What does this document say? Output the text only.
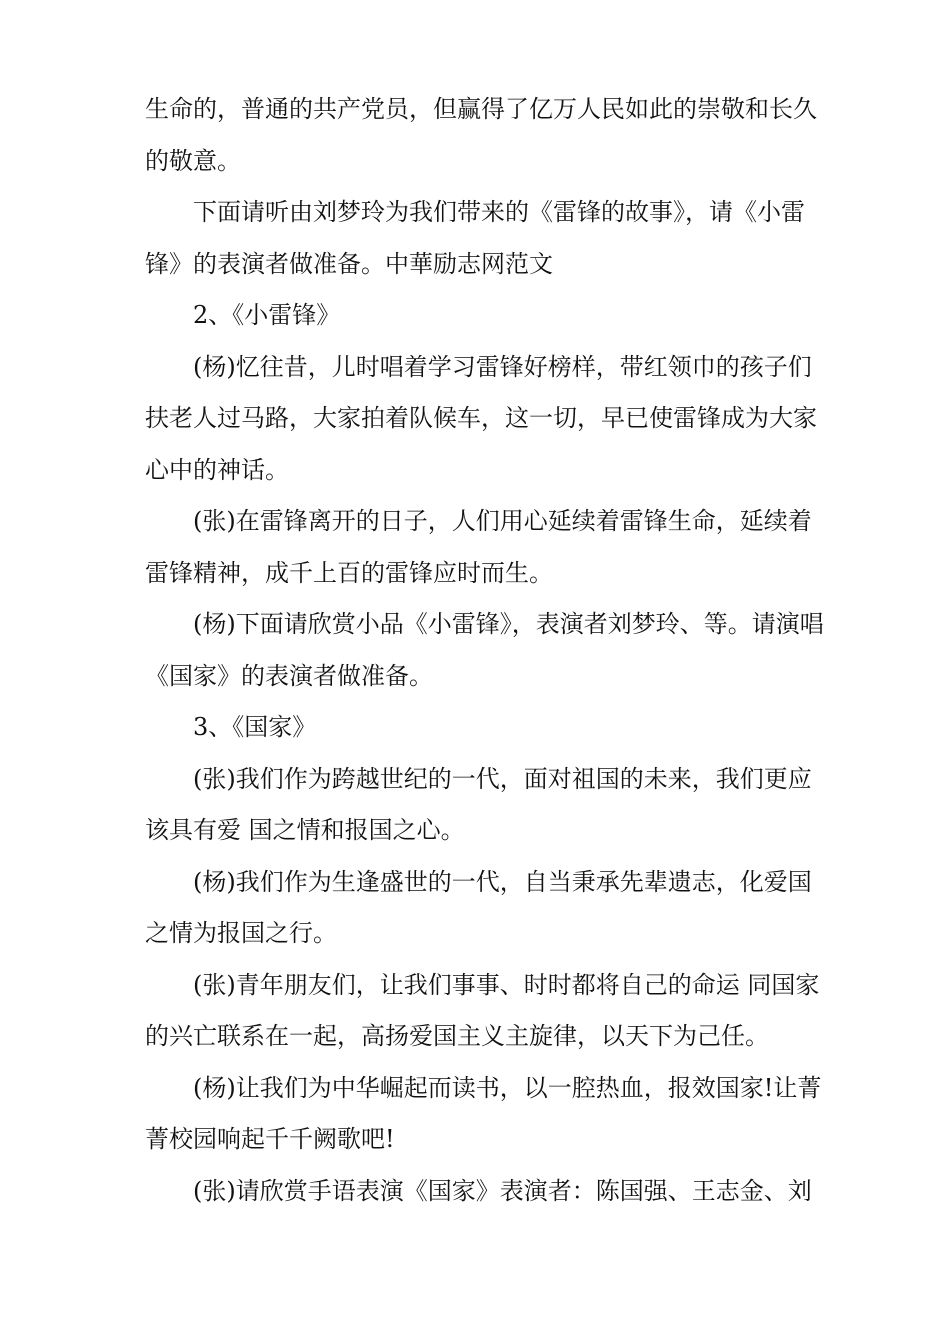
生命的，普通的共产党员，但赢得了亿万人民如此的崇敬和长久
的敬意。

下面请听由刘梦玲为我们带来的《雷锋的故事》，请《小雷
锋》的表演者做准备。中華励志网范文

2、《小雷锋》

(杨)忆往昔，儿时唱着学习雷锋好榜样，带红领巾的孩子们
扶老人过马路，大家拍着队候车，这一切，早已使雷锋成为大家
心中的神话。

(张)在雷锋离开的日子，人们用心延续着雷锋生命，延续着
雷锋精神，成千上百的雷锋应时而生。

(杨)下面请欣赏小品《小雷锋》，表演者刘梦玲、等。请演唱
《国家》的表演者做准备。

3、《国家》

(张)我们作为跨越世纪的一代，面对祖国的未来，我们更应
该具有爱 国之情和报国之心。

(杨)我们作为生逢盛世的一代，自当秉承先辈遗志，化爱国
之情为报国之行。

(张)青年朋友们，让我们事事、时时都将自己的命运 同国家
的兴亡联系在一起，高扬爱国主义主旋律，以天下为己任。

(杨)让我们为中华崛起而读书，以一腔热血，报效国家!让菁
菁校园响起千千阙歌吧!

(张)请欣赏手语表演《国家》表演者：陈国强、王志金、刘
